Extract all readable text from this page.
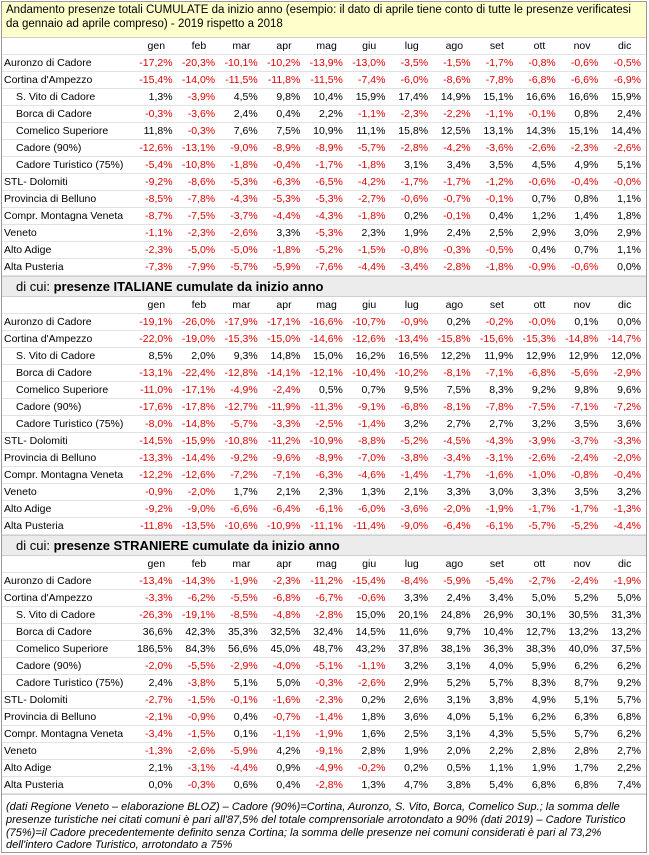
Andamento presenze totali CUMULATE da inizio anno (esempio: il dato di aprile tiene conto di tutte le presenze verificatesi da gennaio ad aprile compreso) - 2019 rispetto a 2018
	gen	feb	mar	apr	mag	giu	lug	ago	set	ott	nov	dic
Auronzo di Cadore	-17,2%	-20,3%	-10,1%	-10,2%	-13,9%	-13,0%	-3,5%	-1,5%	-1,7%	-0,8%	-0,6%	-0,5%
Cortina d'Ampezzo	-15,4%	-14,0%	-11,5%	-11,8%	-11,5%	-7,4%	-6,0%	-8,6%	-7,8%	-6,8%	-6,6%	-6,9%
S. Vito di Cadore	1,3%	-3,9%	4,5%	9,8%	10,4%	15,9%	17,4%	14,9%	15,1%	16,6%	16,6%	15,9%
Borca di Cadore	-0,3%	-3,6%	2,4%	0,4%	2,2%	-1,1%	-2,3%	-2,2%	-1,1%	-0,1%	0,8%	2,4%
Comelico Superiore	11,8%	-0,3%	7,6%	7,5%	10,9%	11,1%	15,8%	12,5%	13,1%	14,3%	15,1%	14,4%
Cadore (90%)	-12,6%	-13,1%	-9,0%	-8,9%	-8,9%	-5,7%	-2,8%	-4,2%	-3,6%	-2,6%	-2,3%	-2,6%
Cadore Turistico (75%)	-5,4%	-10,8%	-1,8%	-0,4%	-1,7%	-1,8%	3,1%	3,4%	3,5%	4,5%	4,9%	5,1%
STL- Dolomiti	-9,2%	-8,6%	-5,3%	-6,3%	-6,5%	-4,2%	-1,7%	-1,7%	-1,2%	-0,6%	-0,4%	-0,0%
Provincia di Belluno	-8,5%	-7,8%	-4,3%	-5,3%	-5,3%	-2,7%	-0,6%	-0,7%	-0,1%	0,7%	0,8%	1,1%
Compr. Montagna Veneta	-8,7%	-7,5%	-3,7%	-4,4%	-4,3%	-1,8%	0,2%	-0,1%	0,4%	1,2%	1,4%	1,8%
Veneto	-1,1%	-2,3%	-2,6%	3,3%	-5,3%	2,3%	1,9%	2,4%	2,5%	2,9%	3,0%	2,9%
Alto Adige	-2,3%	-5,0%	-5,0%	-1,8%	-5,2%	-1,5%	-0,8%	-0,3%	-0,5%	0,4%	0,7%	1,1%
Alta Pusteria	-7,3%	-7,9%	-5,7%	-5,9%	-7,6%	-4,4%	-3,4%	-2,8%	-1,8%	-0,9%	-0,6%	0,0%
di cui: presenze ITALIANE cumulate da inizio anno
	gen	feb	mar	apr	mag	giu	lug	ago	set	ott	nov	dic
Auronzo di Cadore	-19,1%	-26,0%	-17,9%	-17,1%	-16,6%	-10,7%	-0,9%	0,2%	-0,2%	-0,0%	0,1%	0,0%
Cortina d'Ampezzo	-22,0%	-19,0%	-15,3%	-15,0%	-14,6%	-12,6%	-13,4%	-15,8%	-15,6%	-15,3%	-14,8%	-14,7%
S. Vito di Cadore	8,5%	2,0%	9,3%	14,8%	15,0%	16,2%	16,5%	12,2%	11,9%	12,9%	12,9%	12,0%
Borca di Cadore	-13,1%	-22,4%	-12,8%	-14,1%	-12,1%	-10,4%	-10,2%	-8,1%	-7,1%	-6,8%	-5,6%	-2,9%
Comelico Superiore	-11,0%	-17,1%	-4,9%	-2,4%	0,5%	0,7%	9,5%	7,5%	8,3%	9,2%	9,8%	9,6%
Cadore (90%)	-17,6%	-17,8%	-12,7%	-11,9%	-11,3%	-9,1%	-6,8%	-8,1%	-7,8%	-7,5%	-7,1%	-7,2%
Cadore Turistico (75%)	-8,0%	-14,8%	-5,7%	-3,3%	-2,5%	-1,4%	3,2%	2,7%	2,7%	3,2%	3,5%	3,6%
STL- Dolomiti	-14,5%	-15,9%	-10,8%	-11,2%	-10,9%	-8,8%	-5,2%	-4,5%	-4,3%	-3,9%	-3,7%	-3,3%
Provincia di Belluno	-13,3%	-14,4%	-9,2%	-9,6%	-8,9%	-7,0%	-3,8%	-3,4%	-3,1%	-2,6%	-2,4%	-2,0%
Compr. Montagna Veneta	-12,2%	-12,6%	-7,2%	-7,1%	-6,3%	-4,6%	-1,4%	-1,7%	-1,6%	-1,0%	-0,8%	-0,4%
Veneto	-0,9%	-2,0%	1,7%	2,1%	2,3%	1,3%	2,1%	3,3%	3,0%	3,3%	3,5%	3,2%
Alto Adige	-9,2%	-9,0%	-6,6%	-6,4%	-6,1%	-6,0%	-3,6%	-2,0%	-1,9%	-1,7%	-1,7%	-1,3%
Alta Pusteria	-11,8%	-13,5%	-10,6%	-10,9%	-11,1%	-11,4%	-9,0%	-6,4%	-6,1%	-5,7%	-5,2%	-4,4%
di cui: presenze STRANIERE cumulate da inizio anno
	gen	feb	mar	apr	mag	giu	lug	ago	set	ott	nov	dic
Auronzo di Cadore	-13,4%	-14,3%	-1,9%	-2,3%	-11,2%	-15,4%	-8,4%	-5,9%	-5,4%	-2,7%	-2,4%	-1,9%
Cortina d'Ampezzo	-3,3%	-6,2%	-5,5%	-6,8%	-6,7%	-0,6%	3,3%	2,4%	3,4%	5,0%	5,2%	5,0%
S. Vito di Cadore	-26,3%	-19,1%	-8,5%	-4,8%	-2,8%	15,0%	20,1%	24,8%	26,9%	30,1%	30,5%	31,3%
Borca di Cadore	36,6%	42,3%	35,3%	32,5%	32,4%	14,5%	11,6%	9,7%	10,4%	12,7%	13,2%	13,2%
Comelico Superiore	186,5%	84,3%	56,6%	45,0%	48,7%	43,2%	37,8%	38,1%	36,3%	38,3%	40,0%	37,5%
Cadore (90%)	-2,0%	-5,5%	-2,9%	-4,0%	-5,1%	-1,1%	3,2%	3,1%	4,0%	5,9%	6,2%	6,2%
Cadore Turistico (75%)	2,4%	-3,8%	5,1%	5,0%	-0,3%	-2,6%	2,9%	5,2%	5,7%	8,3%	8,7%	9,2%
STL- Dolomiti	-2,7%	-1,5%	-0,1%	-1,6%	-2,3%	0,2%	2,6%	3,1%	3,8%	4,9%	5,1%	5,7%
Provincia di Belluno	-2,1%	-0,9%	0,4%	-0,7%	-1,4%	1,8%	3,6%	4,0%	5,1%	6,2%	6,3%	6,8%
Compr. Montagna Veneta	-3,4%	-1,5%	0,1%	-1,1%	-1,9%	1,6%	2,5%	3,1%	4,3%	5,5%	5,7%	6,2%
Veneto	-1,3%	-2,6%	-5,9%	4,2%	-9,1%	2,8%	1,9%	2,0%	2,2%	2,8%	2,8%	2,7%
Alto Adige	2,1%	-3,1%	-4,4%	0,9%	-4,9%	-0,2%	0,2%	0,5%	1,1%	1,9%	1,7%	2,2%
Alta Pusteria	0,0%	-0,3%	0,6%	0,4%	-2,8%	1,3%	4,7%	3,8%	5,4%	6,8%	6,8%	7,4%
(dati Regione Veneto – elaborazione BLOZ) – Cadore (90%)=Cortina, Auronzo, S. Vito, Borca, Comelico Sup.; la somma delle presenze turistiche nei citati comuni è pari all'87,5% del totale comprensoriale arrotondato a 90% (dati 2019) – Cadore Turistico (75%)=il Cadore precedentemente definito senza Cortina; la somma delle presenze nei comuni considerati è pari al 73,2% dell'intero Cadore Turistico, arrotondato a 75%
